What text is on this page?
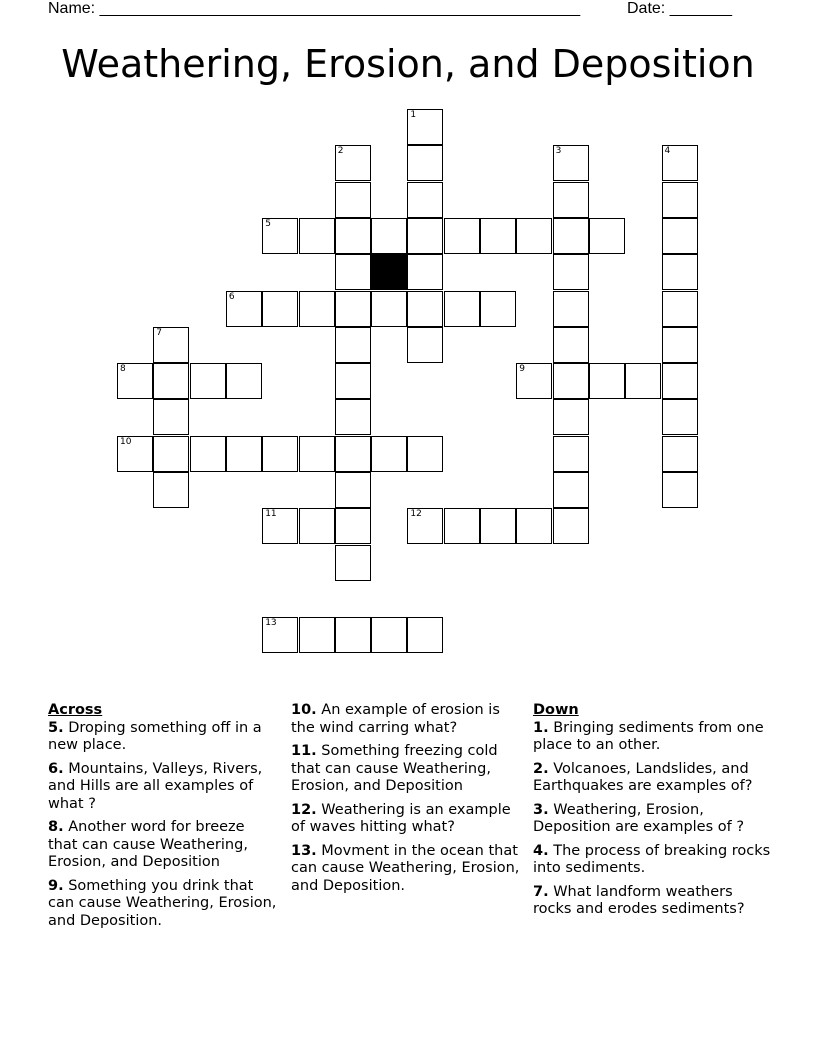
Name: ______________________________________________________	Date: _______
Weathering, Erosion, and Deposition
1
2	3	4
5
6
7
8	9
10
11	12
13
Across
5. Droping something off in a new place.
6. Mountains, Valleys, Rivers, and Hills are all examples of what ?
8. Another word for breeze that can cause Weathering, Erosion, and Deposition
9. Something you drink that can cause Weathering, Erosion, and Deposition.
10. An example of erosion is the wind carring what?
11. Something freezing cold that can cause Weathering, Erosion, and Deposition
12. Weathering is an example of waves hitting what?
13. Movment in the ocean that can cause Weathering, Erosion, and Deposition.
Down
1. Bringing sediments from one place to an other.
2. Volcanoes, Landslides, and Earthquakes are examples of?
3. Weathering, Erosion, Deposition are examples of ?
4. The process of breaking rocks into sediments.
7. What landform weathers rocks and erodes sediments?
